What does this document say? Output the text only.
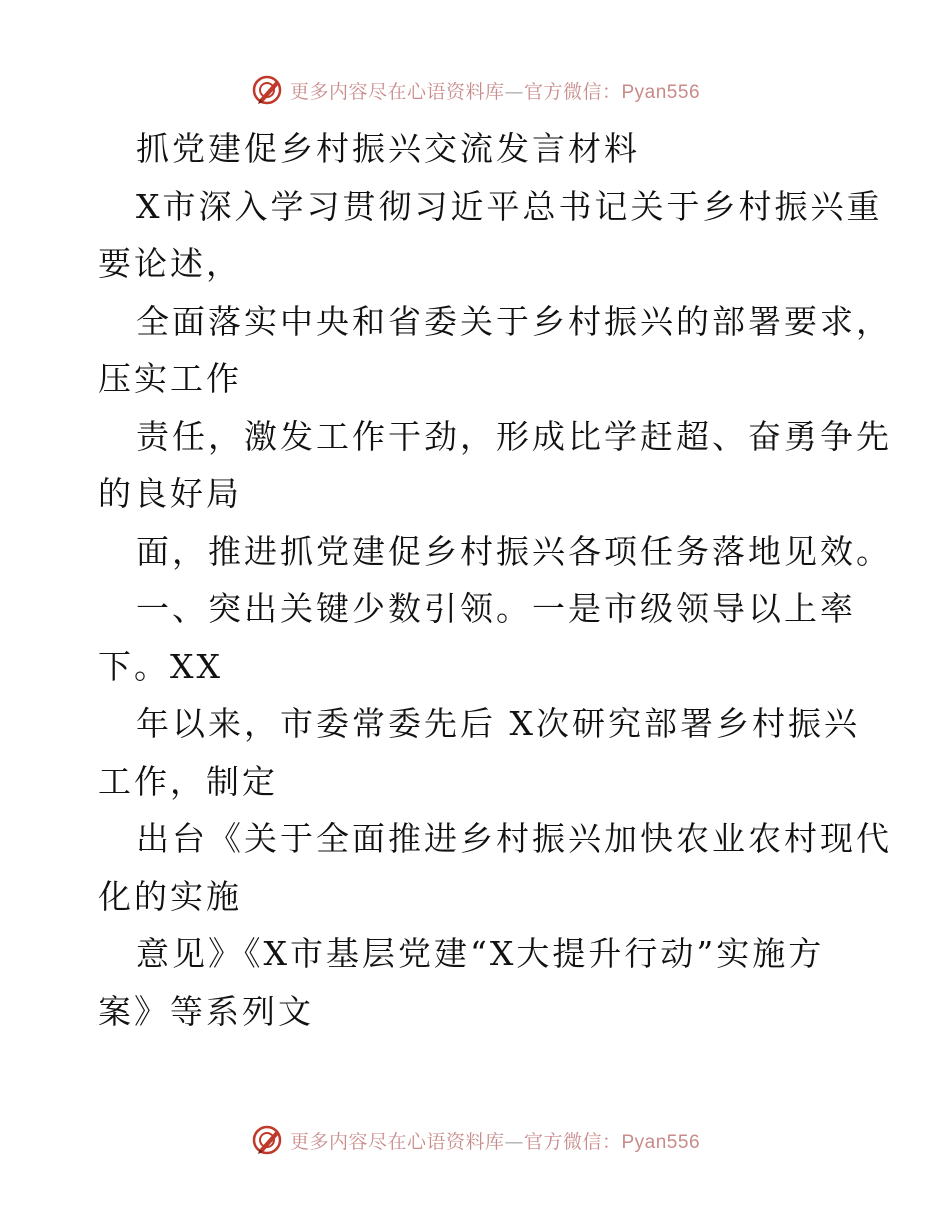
更多内容尽在心语资料库—官方微信：Pyan556
抓党建促乡村振兴交流发言材料
X市深入学习贯彻习近平总书记关于乡村振兴重
要论述，
全面落实中央和省委关于乡村振兴的部署要求，
压实工作
责任，激发工作干劲，形成比学赶超、奋勇争先
的良好局
面，推进抓党建促乡村振兴各项任务落地见效。
一、突出关键少数引领。一是市级领导以上率
下。XX
年以来，市委常委先后 X次研究部署乡村振兴
工作，制定
出台《关于全面推进乡村振兴加快农业农村现代
化的实施
意见》《X市基层党建“X大提升行动”实施方
案》等系列文
更多内容尽在心语资料库—官方微信：Pyan556
